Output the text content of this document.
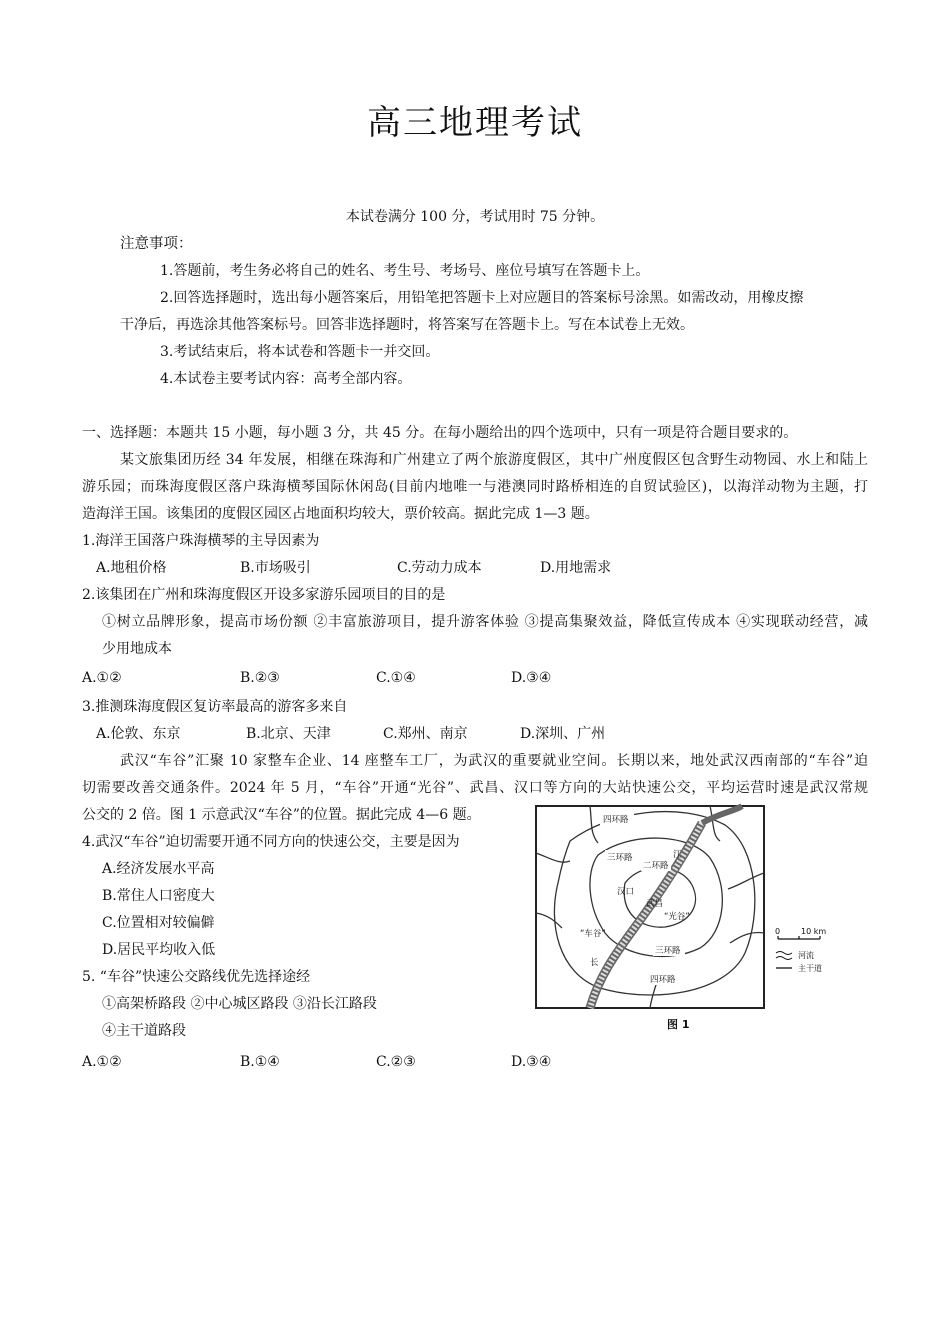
高三地理考试
本试卷满分 100 分，考试用时 75 分钟。
注意事项：
1.答题前，考生务必将自己的姓名、考生号、考场号、座位号填写在答题卡上。
2.回答选择题时，选出每小题答案后，用铅笔把答题卡上对应题目的答案标号涂黑。如需改动，用橡皮擦
干净后，再选涂其他答案标号。回答非选择题时，将答案写在答题卡上。写在本试卷上无效。
3.考试结束后，将本试卷和答题卡一并交回。
4.本试卷主要考试内容：高考全部内容。
一、选择题：本题共 15 小题，每小题 3 分，共 45 分。在每小题给出的四个选项中，只有一项是符合题目要求的。
某文旅集团历经 34 年发展，相继在珠海和广州建立了两个旅游度假区，其中广州度假区包含野生动物园、水上和陆上
游乐园；而珠海度假区落户珠海横琴国际休闲岛(目前内地唯一与港澳同时路桥相连的自贸试验区)，以海洋动物为主题，打
造海洋王国。该集团的度假区园区占地面积均较大，票价较高。据此完成 1—3 题。
1.海洋王国落户珠海横琴的主导因素为
A.地租价格	B.市场吸引	C.劳动力成本	D.用地需求
2.该集团在广州和珠海度假区开设多家游乐园项目的目的是
①树立品牌形象，提高市场份额 ②丰富旅游项目，提升游客体验 ③提高集聚效益，降低宣传成本 ④实现联动经营，减
少用地成本
A.①②	B.②③	C.①④	D.③④
3.推测珠海度假区复访率最高的游客多来自
A.伦敦、东京	B.北京、天津	C.郑州、南京	D.深圳、广州
武汉“车谷”汇聚 10 家整车企业、14 座整车工厂，为武汉的重要就业空间。长期以来，地处武汉西南部的“车谷”迫
切需要改善交通条件。2024 年 5 月，“车谷”开通“光谷”、武昌、汉口等方向的大站快速公交，平均运营时速是武汉常规
公交的 2 倍。图 1 示意武汉“车谷”的位置。据此完成 4—6 题。
4.武汉“车谷”迫切需要开通不同方向的快速公交，主要是因为
A.经济发展水平高
B.常住人口密度大
C.位置相对较偏僻
D.居民平均收入低
5. “车谷”快速公交路线优先选择途经
①高架桥路段 ②中心城区路段 ③沿长江路段
④主干道路段
A.①②	B.①④	C.②③	D.③④
四环路
三环路
二环路
江
汉口
武昌
“光谷”
“车谷”
三环路
四环路
长
0	10 km
河流
主干道
图 1
